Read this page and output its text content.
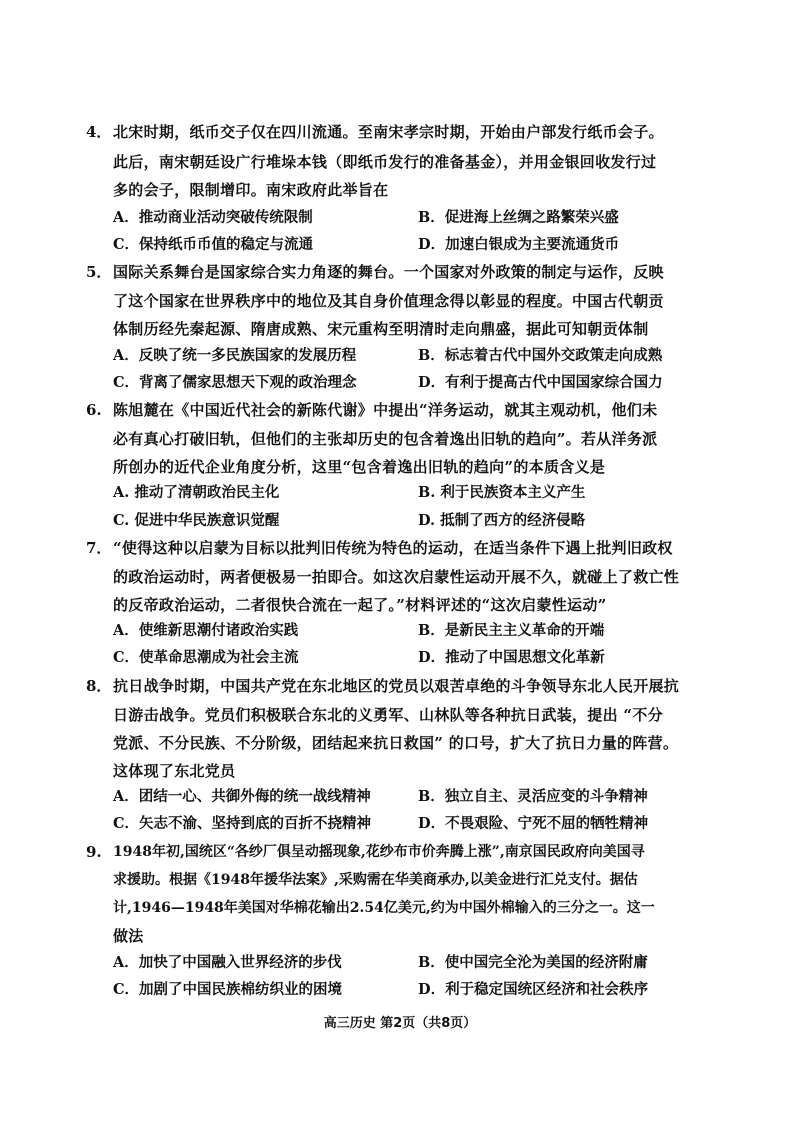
4． 北宋时期，纸币交子仅在四川流通。至南宋孝宗时期，开始由户部发行纸币会子。
此后，南宋朝廷设广行堆垛本钱（即纸币发行的准备基金），并用金银回收发行过
多的会子，限制增印。南宋政府此举旨在
A．推动商业活动突破传统限制	B．促进海上丝绸之路繁荣兴盛
C．保持纸币币值的稳定与流通	D．加速白银成为主要流通货币
5． 国际关系舞台是国家综合实力角逐的舞台。一个国家对外政策的制定与运作，反映
了这个国家在世界秩序中的地位及其自身价值理念得以彰显的程度。中国古代朝贡
体制历经先秦起源、隋唐成熟、宋元重构至明清时走向鼎盛，据此可知朝贡体制
A．反映了统一多民族国家的发展历程	B．标志着古代中国外交政策走向成熟
C．背离了儒家思想天下观的政治理念	D．有利于提高古代中国国家综合国力
6. 陈旭麓在《中国近代社会的新陈代谢》中提出“洋务运动，就其主观动机，他们未
必有真心打破旧轨，但他们的主张却历史的包含着逸出旧轨的趋向”。若从洋务派
所创办的近代企业角度分析，这里“包含着逸出旧轨的趋向”的本质含义是
A. 推动了清朝政治民主化	B. 利于民族资本主义产生
C. 促进中华民族意识觉醒	D. 抵制了西方的经济侵略
7． “使得这种以启蒙为目标以批判旧传统为特色的运动，在适当条件下遇上批判旧政权
的政治运动时，两者便极易一拍即合。如这次启蒙性运动开展不久，就碰上了救亡性
的反帝政治运动，二者很快合流在一起了。”材料评述的“这次启蒙性运动”
A．使维新思潮付诸政治实践	B．是新民主主义革命的开端
C．使革命思潮成为社会主流	D．推动了中国思想文化革新
8． 抗日战争时期，中国共产党在东北地区的党员以艰苦卓绝的斗争领导东北人民开展抗
日游击战争。党员们积极联合东北的义勇军、山林队等各种抗日武装，提出 “不分
党派、不分民族、不分阶级，团结起来抗日救国” 的口号，扩大了抗日力量的阵营。
这体现了东北党员
A．团结一心、共御外侮的统一战线精神	B．独立自主、灵活应变的斗争精神
C．矢志不渝、坚持到底的百折不挠精神	D．不畏艰险、宁死不屈的牺牲精神
9. 1948年初,国统区“各纱厂俱呈动摇现象,花纱布市价奔腾上涨”,南京国民政府向美国寻
求援助。根据《1948年援华法案》,采购需在华美商承办,以美金进行汇兑支付。据估
计,1946—1948年美国对华棉花输出2.54亿美元,约为中国外棉输入的三分之一。这一
做法
A．加快了中国融入世界经济的步伐	B．使中国完全沦为美国的经济附庸
C．加剧了中国民族棉纺织业的困境	D．利于稳定国统区经济和社会秩序
高三历史 第2页（共8页）
